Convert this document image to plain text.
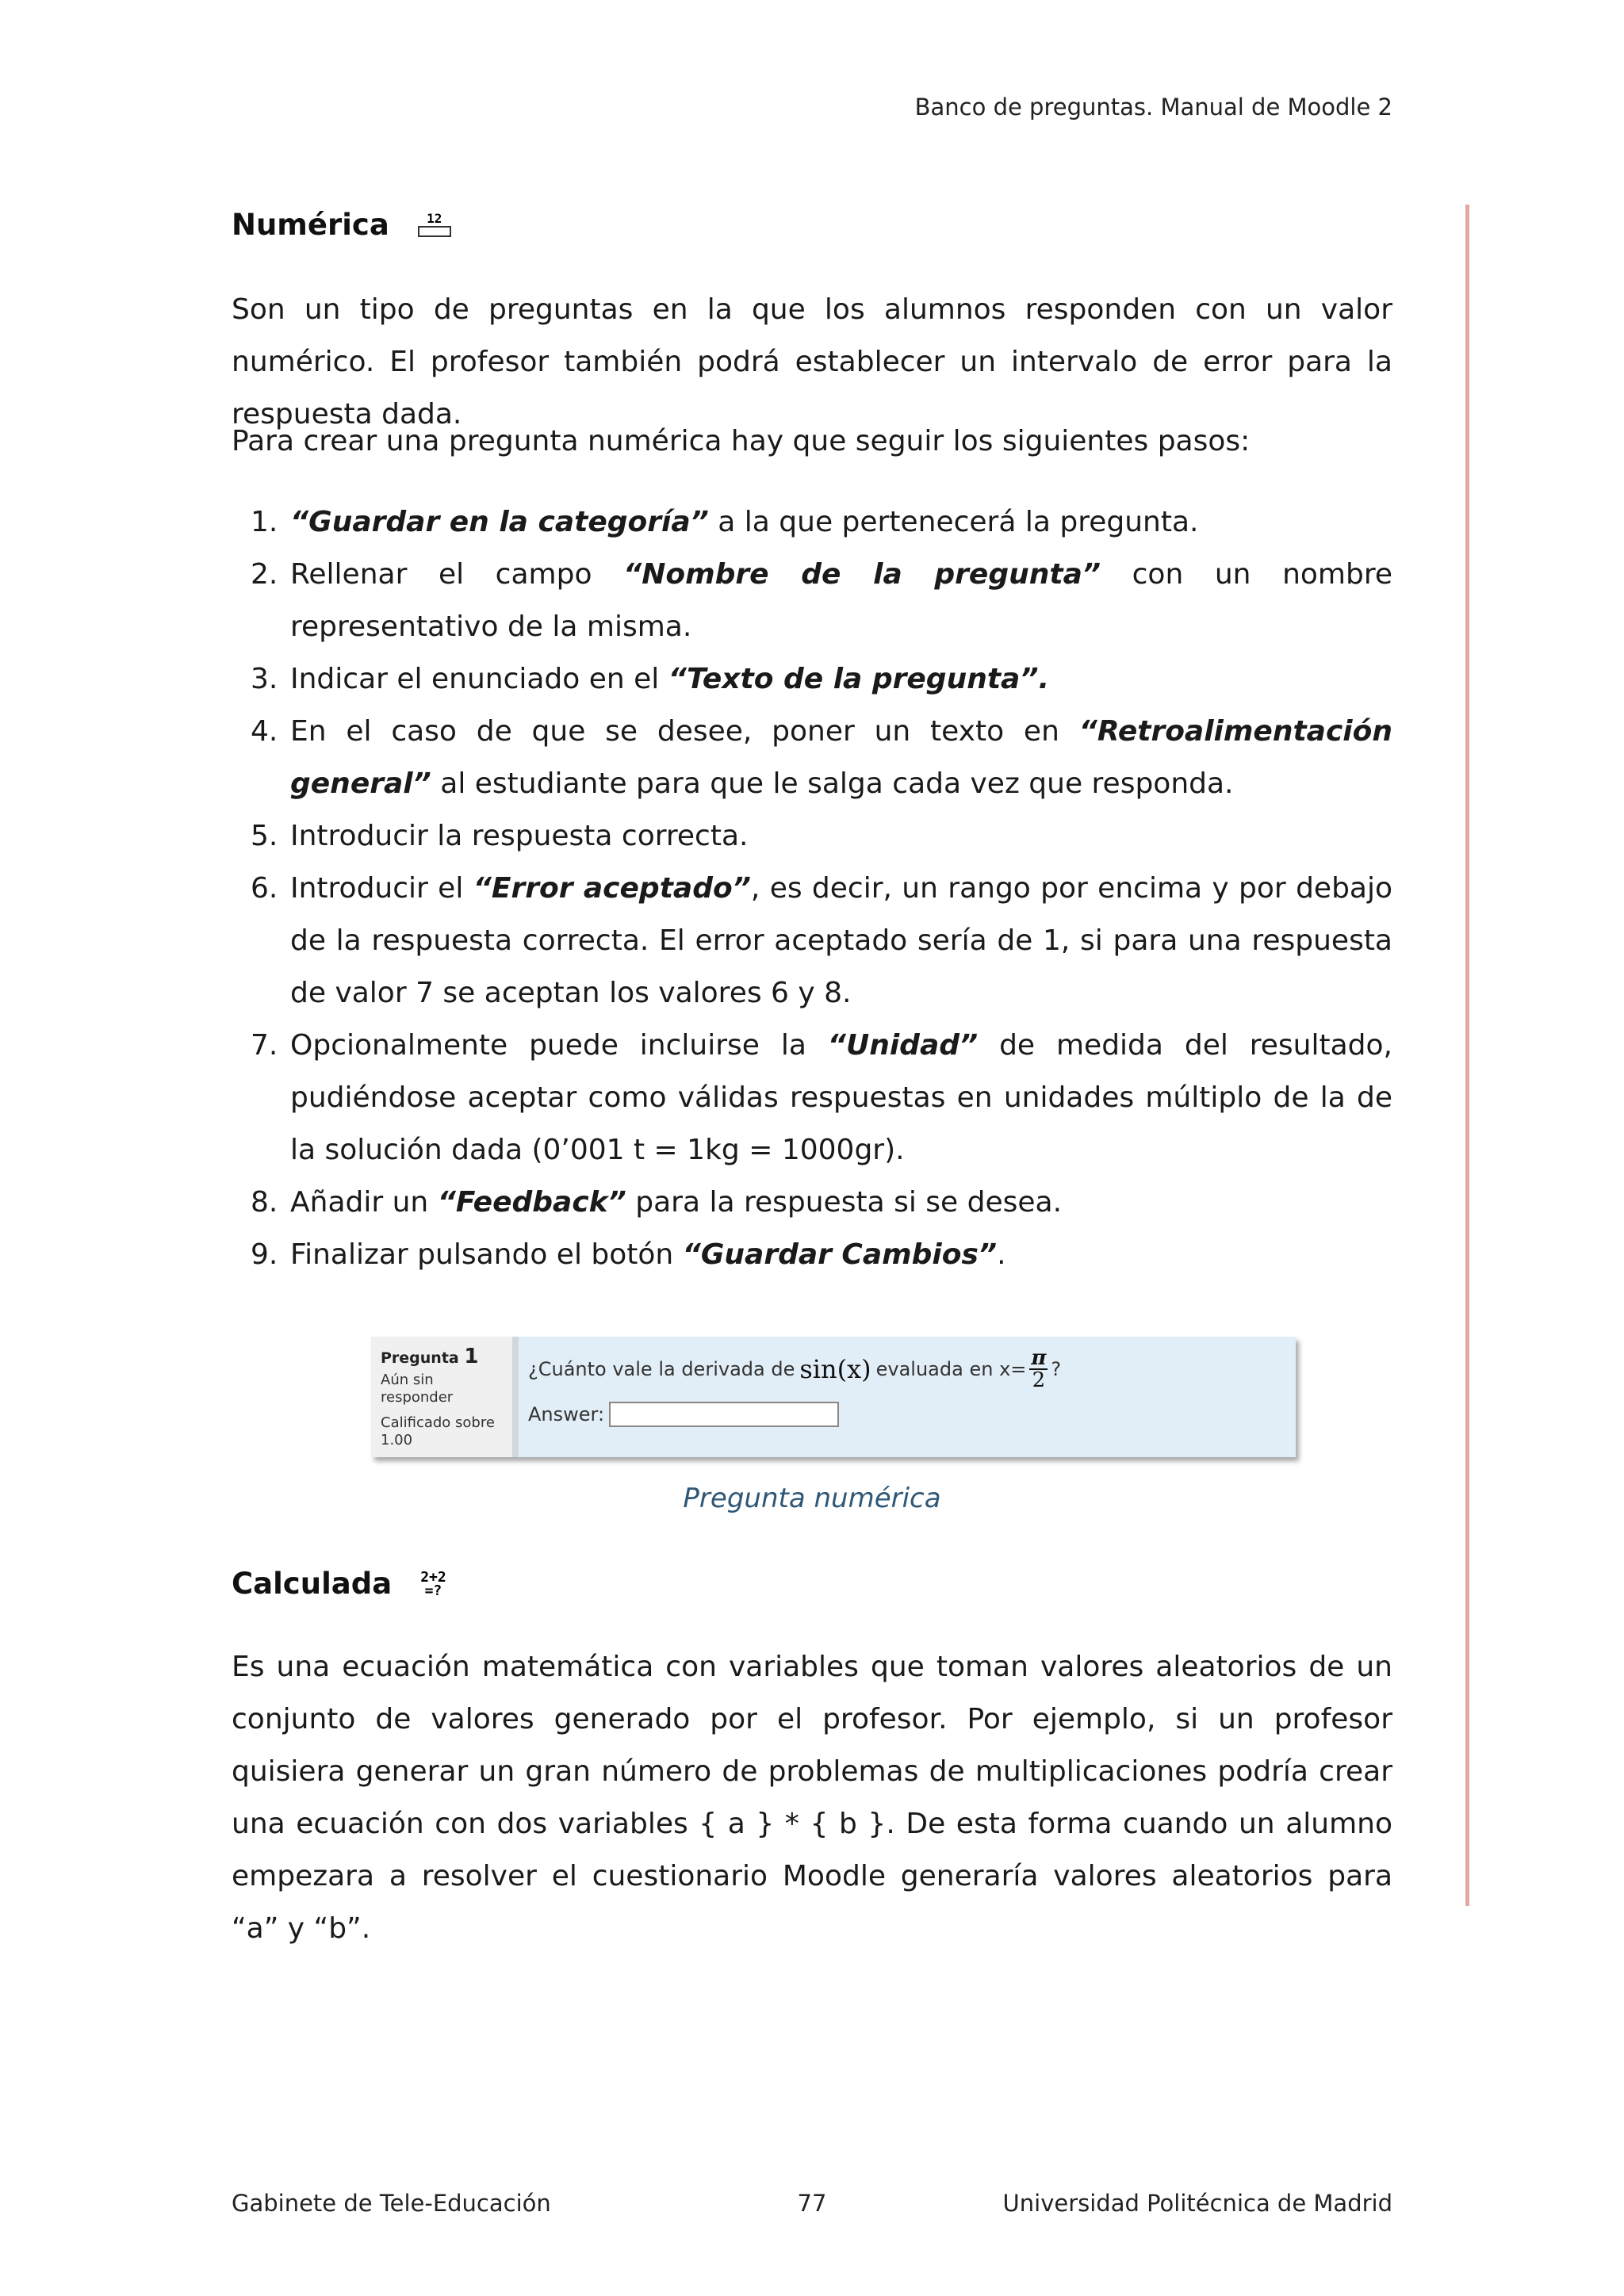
Banco de preguntas. Manual de Moodle 2
Numérica	12

Son un tipo de preguntas en la que los alumnos responden con un valor numérico. El profesor también podrá establecer un intervalo de error para la respuesta dada.

Para crear una pregunta numérica hay que seguir los siguientes pasos:

1. “Guardar en la categoría” a la que pertenecerá la pregunta.
2. Rellenar el campo “Nombre de la pregunta” con un nombre representativo de la misma.
3. Indicar el enunciado en el “Texto de la pregunta”.
4. En el caso de que se desee, poner un texto en “Retroalimentación general” al estudiante para que le salga cada vez que responda.
5. Introducir la respuesta correcta.
6. Introducir el “Error aceptado”, es decir, un rango por encima y por debajo de la respuesta correcta. El error aceptado sería de 1, si para una respuesta de valor 7 se aceptan los valores 6 y 8.
7. Opcionalmente puede incluirse la “Unidad” de medida del resultado, pudiéndose aceptar como válidas respuestas en unidades múltiplo de la de la solución dada (0’001 t = 1kg = 1000gr).
8. Añadir un “Feedback” para la respuesta si se desea.
9. Finalizar pulsando el botón “Guardar Cambios”.
Calculada 2+2
=?

Es una ecuación matemática con variables que toman valores aleatorios de un conjunto de valores generado por el profesor. Por ejemplo, si un profesor quisiera generar un gran número de problemas de multiplicaciones podría crear una ecuación con dos variables { a } * { b }. De esta forma cuando un alumno empezara a resolver el cuestionario Moodle generaría valores aleatorios para “a” y “b”.

Pregunta numérica
Pregunta 1
Aún sin responder
Calificado sobre 1.00
¿Cuánto vale la derivada de sin(x) evaluada en $x= \frac{\pi}{2}$ ?
Answer:
Gabinete de Tele-Educación	77	Universidad Politécnica de Madrid
